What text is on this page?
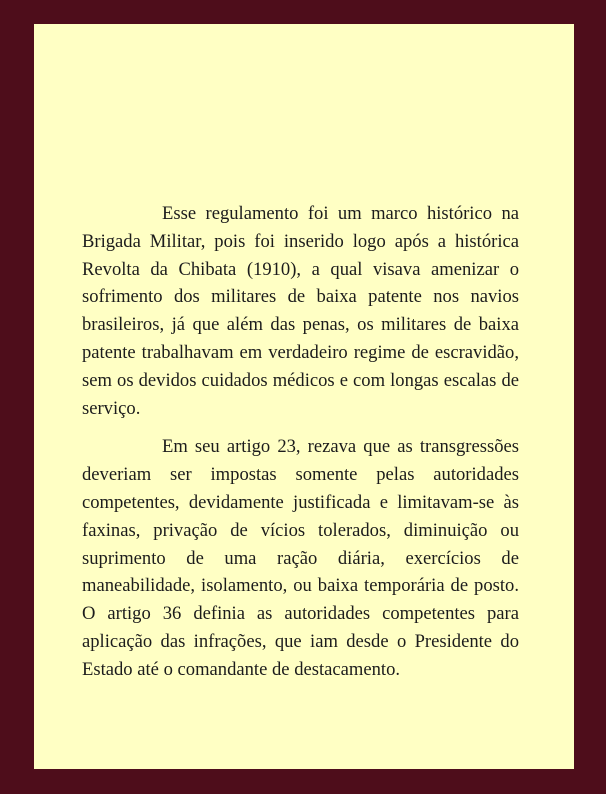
Esse regulamento foi um marco histórico na Brigada Militar, pois foi inserido logo após a histórica Revolta da Chibata (1910), a qual visava amenizar o sofrimento dos militares de baixa patente nos navios brasileiros, já que além das penas, os militares de baixa patente trabalhavam em verdadeiro regime de escravidão, sem os devidos cuidados médicos e com longas escalas de serviço.

Em seu artigo 23, rezava que as transgressões deveriam ser impostas somente pelas autoridades competentes, devidamente justificada e limitavam-se às faxinas, privação de vícios tolerados, diminuição ou suprimento de uma ração diária, exercícios de maneabilidade, isolamento, ou baixa temporária de posto. O artigo 36 definia as autoridades competentes para aplicação das infrações, que iam desde o Presidente do Estado até o comandante de destacamento.
